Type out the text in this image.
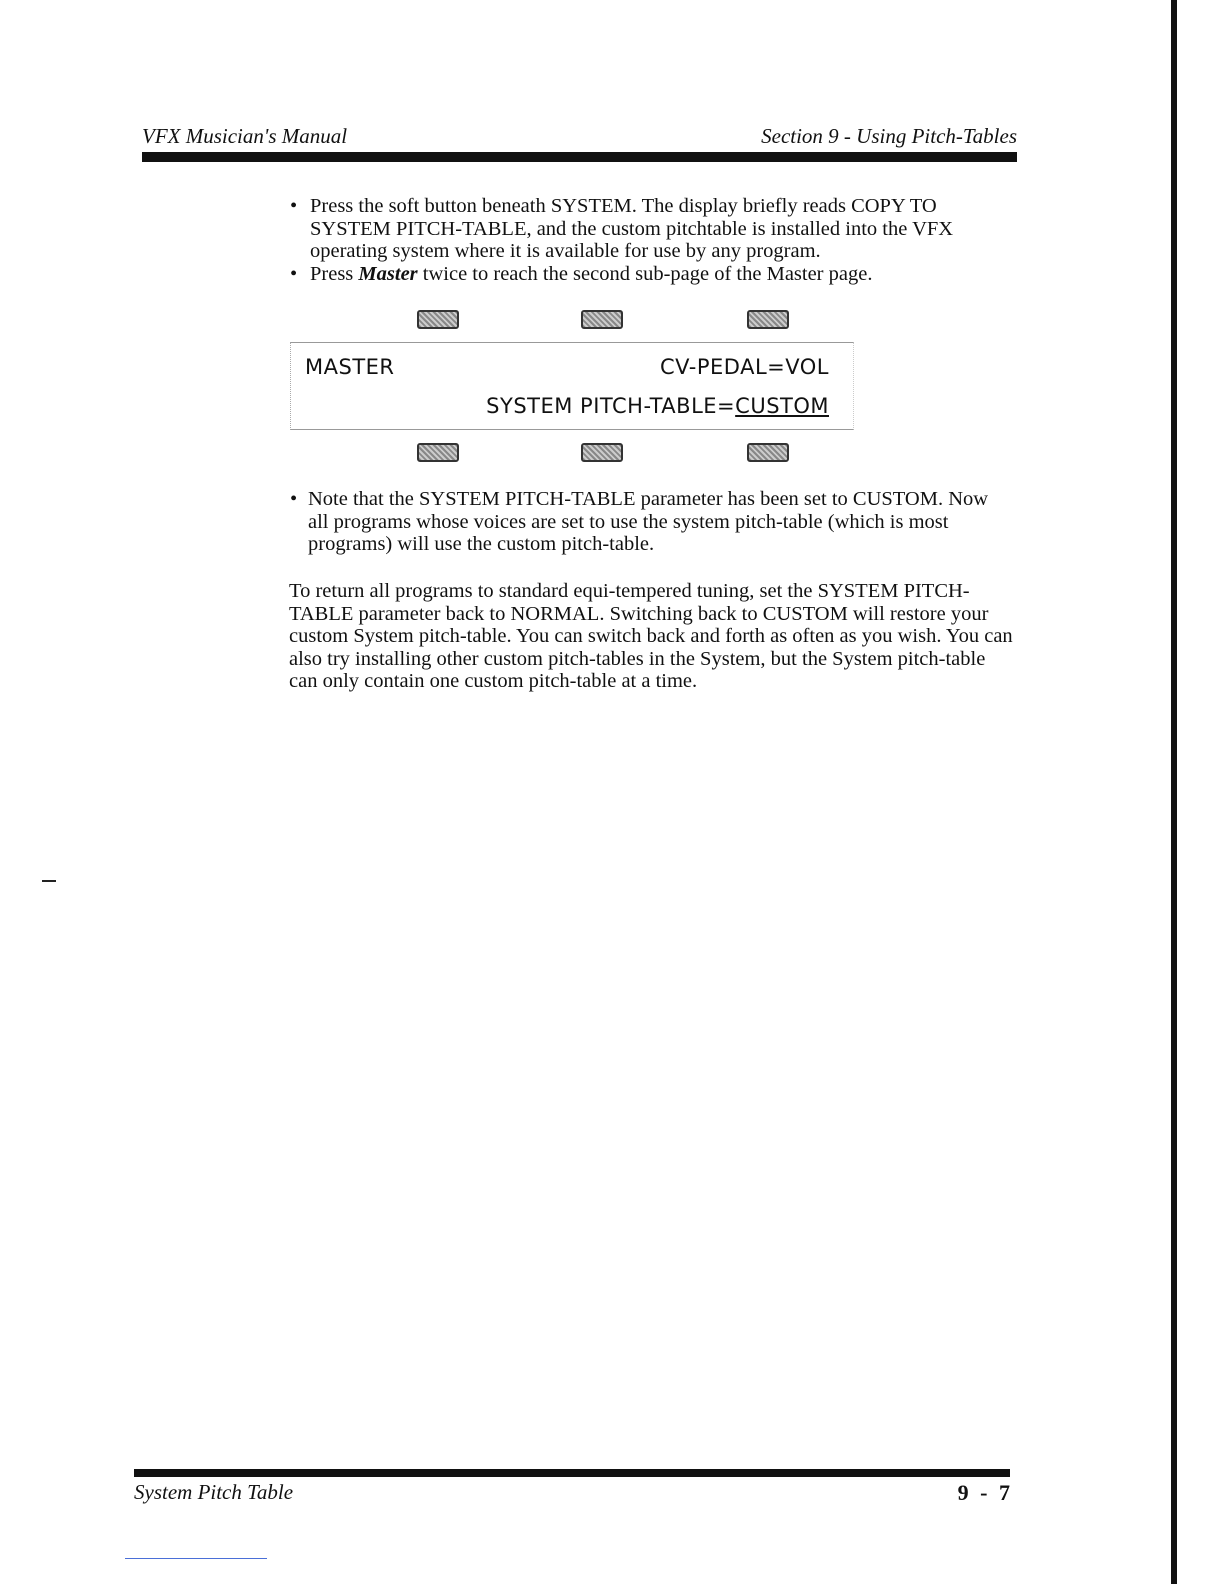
VFX Musician's Manual	Section 9 - Using Pitch-Tables

• Press the soft button beneath SYSTEM. The display briefly reads COPY TO SYSTEM PITCH-TABLE, and the custom pitchtable is installed into the VFX operating system where it is available for use by any program.

• Press Master twice to reach the second sub-page of the Master page.

MASTER	CV-PEDAL=VOL
SYSTEM PITCH-TABLE=CUSTOM

• Note that the SYSTEM PITCH-TABLE parameter has been set to CUSTOM. Now all programs whose voices are set to use the system pitch-table (which is most programs) will use the custom pitch-table.

To return all programs to standard equi-tempered tuning, set the SYSTEM PITCH-TABLE parameter back to NORMAL. Switching back to CUSTOM will restore your custom System pitch-table. You can switch back and forth as often as you wish. You can also try installing other custom pitch-tables in the System, but the System pitch-table can only contain one custom pitch-table at a time.

System Pitch Table	9 - 7
